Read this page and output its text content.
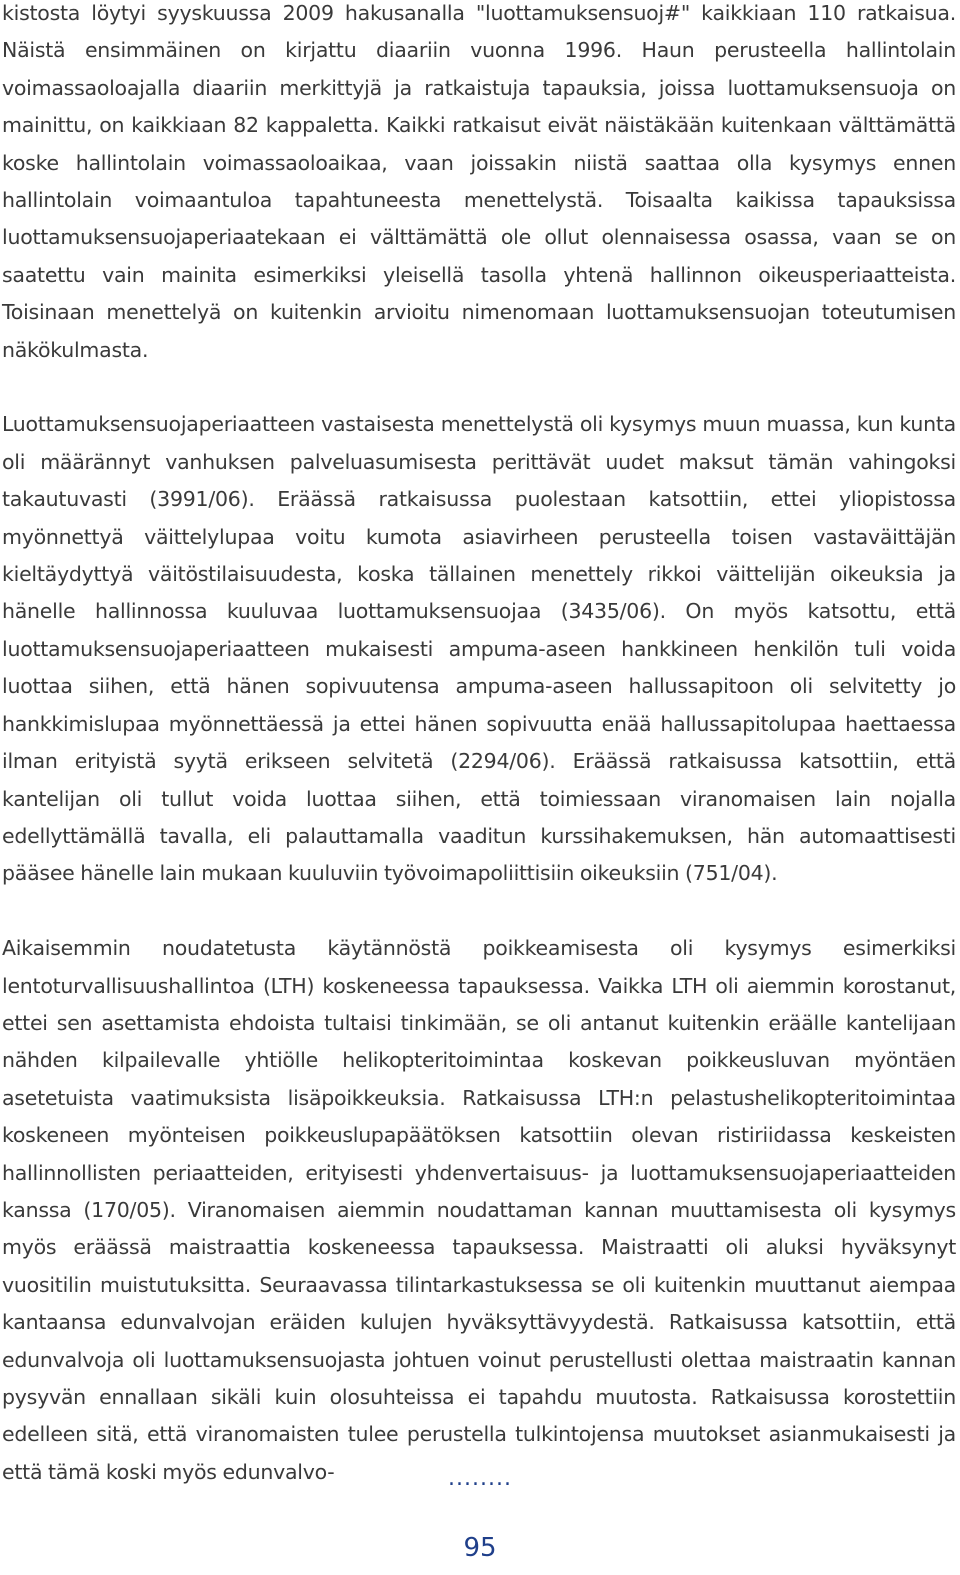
kistosta löytyi syyskuussa 2009 hakusanalla "luottamuksensuoj#" kaikkiaan 110 ratkaisua. Näistä ensimmäinen on kirjattu diaariin vuonna 1996. Haun perusteella hallintolain voimassaoloajalla diaariin merkittyjä ja ratkaistuja tapauksia, joissa luottamuksensuoja on mainittu, on kaikkiaan 82 kappaletta. Kaikki ratkaisut eivät näistäkään kuitenkaan välttämättä koske hallintolain voimassaoloaikaa, vaan joissakin niistä saattaa olla kysymys ennen hallintolain voimaantuloa tapahtuneesta menettelystä. Toisaalta kaikissa tapauksissa luottamuksensuojaperiaatekaan ei välttämättä ole ollut olennaisessa osassa, vaan se on saatettu vain mainita esimerkiksi yleisellä tasolla yhtenä hallinnon oikeusperiaatteista. Toisinaan menettelyä on kuitenkin arvioitu nimenomaan luottamuksensuojan toteutumisen näkökulmasta.

Luottamuksensuojaperiaatteen vastaisesta menettelystä oli kysymys muun muassa, kun kunta oli määrännyt vanhuksen palveluasumisesta perittävät uudet maksut tämän vahingoksi takautuvasti (3991/06). Eräässä ratkaisussa puolestaan katsottiin, ettei yliopistossa myönnettyä väittelylupaa voitu kumota asiavirheen perusteella toisen vastaväittäjän kieltäydyttyä väitöstilaisuudesta, koska tällainen menettely rikkoi väittelijän oikeuksia ja hänelle hallinnossa kuuluvaa luottamuksensuojaa (3435/06). On myös katsottu, että luottamuksensuojaperiaatteen mukaisesti ampuma-aseen hankkineen henkilön tuli voida luottaa siihen, että hänen sopivuutensa ampuma-aseen hallussapitoon oli selvitetty jo hankkimislupaa myönnettäessä ja ettei hänen sopivuutta enää hallussapitolupaa haettaessa ilman erityistä syytä erikseen selvitetä (2294/06). Eräässä ratkaisussa katsottiin, että kantelijan oli tullut voida luottaa siihen, että toimiessaan viranomaisen lain nojalla edellyttämällä tavalla, eli palauttamalla vaaditun kurssihakemuksen, hän automaattisesti pääsee hänelle lain mukaan kuuluviin työvoimapoliittisiin oikeuksiin (751/04).

Aikaisemmin noudatetusta käytännöstä poikkeamisesta oli kysymys esimerkiksi lentoturvallisuushallintoa (LTH) koskeneessa tapauksessa. Vaikka LTH oli aiemmin korostanut, ettei sen asettamista ehdoista tultaisi tinkimään, se oli antanut kuitenkin eräälle kantelijaan nähden kilpailevalle yhtiölle helikopteritoimintaa koskevan poikkeusluvan myöntäen asetetuista vaatimuksista lisäpoikkeuksia. Ratkaisussa LTH:n pelastushelikopteritoimintaa koskeneen myönteisen poikkeuslupapäätöksen katsottiin olevan ristiriidassa keskeisten hallinnollisten periaatteiden, erityisesti yhdenvertaisuus- ja luottamuksensuojaperiaatteiden kanssa (170/05). Viranomaisen aiemmin noudattaman kannan muuttamisesta oli kysymys myös eräässä maistraattia koskeneessa tapauksessa. Maistraatti oli aluksi hyväksynyt vuositilin muistutuksitta. Seuraavassa tilintarkastuksessa se oli kuitenkin muuttanut aiempaa kantaansa edunvalvojan eräiden kulujen hyväksyttävyydestä. Ratkaisussa katsottiin, että edunvalvoja oli luottamuksensuojasta johtuen voinut perustellusti olettaa maistraatin kannan pysyvän ennallaan sikäli kuin olosuhteissa ei tapahdu muutosta. Ratkaisussa korostettiin edelleen sitä, että viranomaisten tulee perustella tulkintojensa muutokset asianmukaisesti ja että tämä koski myös edunvalvo-	........
95
